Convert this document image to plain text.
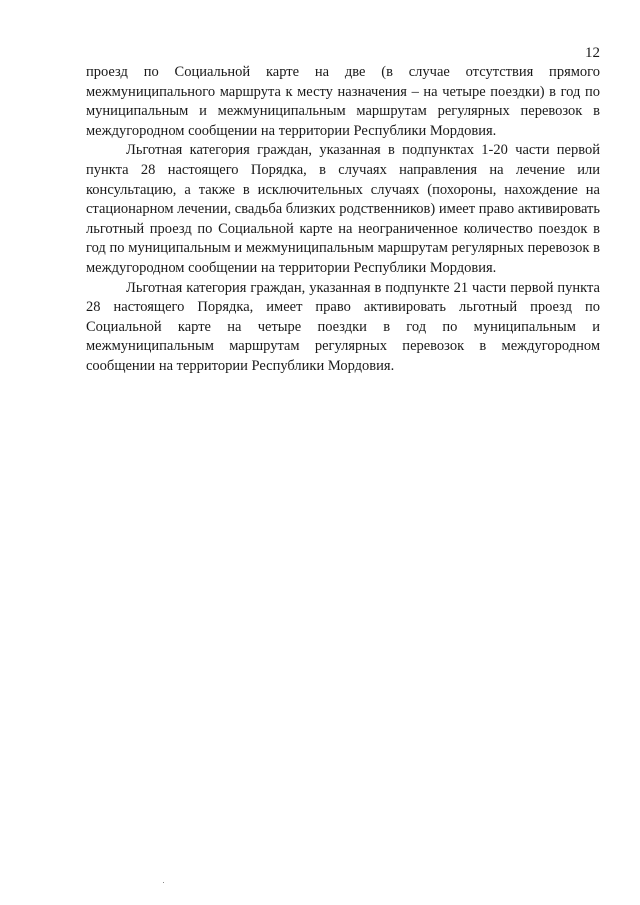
12

проезд по Социальной карте на две (в случае отсутствия прямого межмуниципального маршрута к месту назначения – на четыре поездки) в год по муниципальным и межмуниципальным маршрутам регулярных перевозок в междугородном сообщении на территории Республики Мордовия.

Льготная категория граждан, указанная в подпунктах 1-20 части первой пункта 28 настоящего Порядка, в случаях направления на лечение или консультацию, а также в исключительных случаях (похороны, нахождение на стационарном лечении, свадьба близких родственников) имеет право активировать льготный проезд по Социальной карте на неограниченное количество поездок в год по муниципальным и межмуниципальным маршрутам регулярных перевозок в междугородном сообщении на территории Республики Мордовия.

Льготная категория граждан, указанная в подпункте 21 части первой пункта 28 настоящего Порядка, имеет право активировать льготный проезд по Социальной карте на четыре поездки в год по муниципальным и межмуниципальным маршрутам регулярных перевозок в междугородном сообщении на территории Республики Мордовия.
